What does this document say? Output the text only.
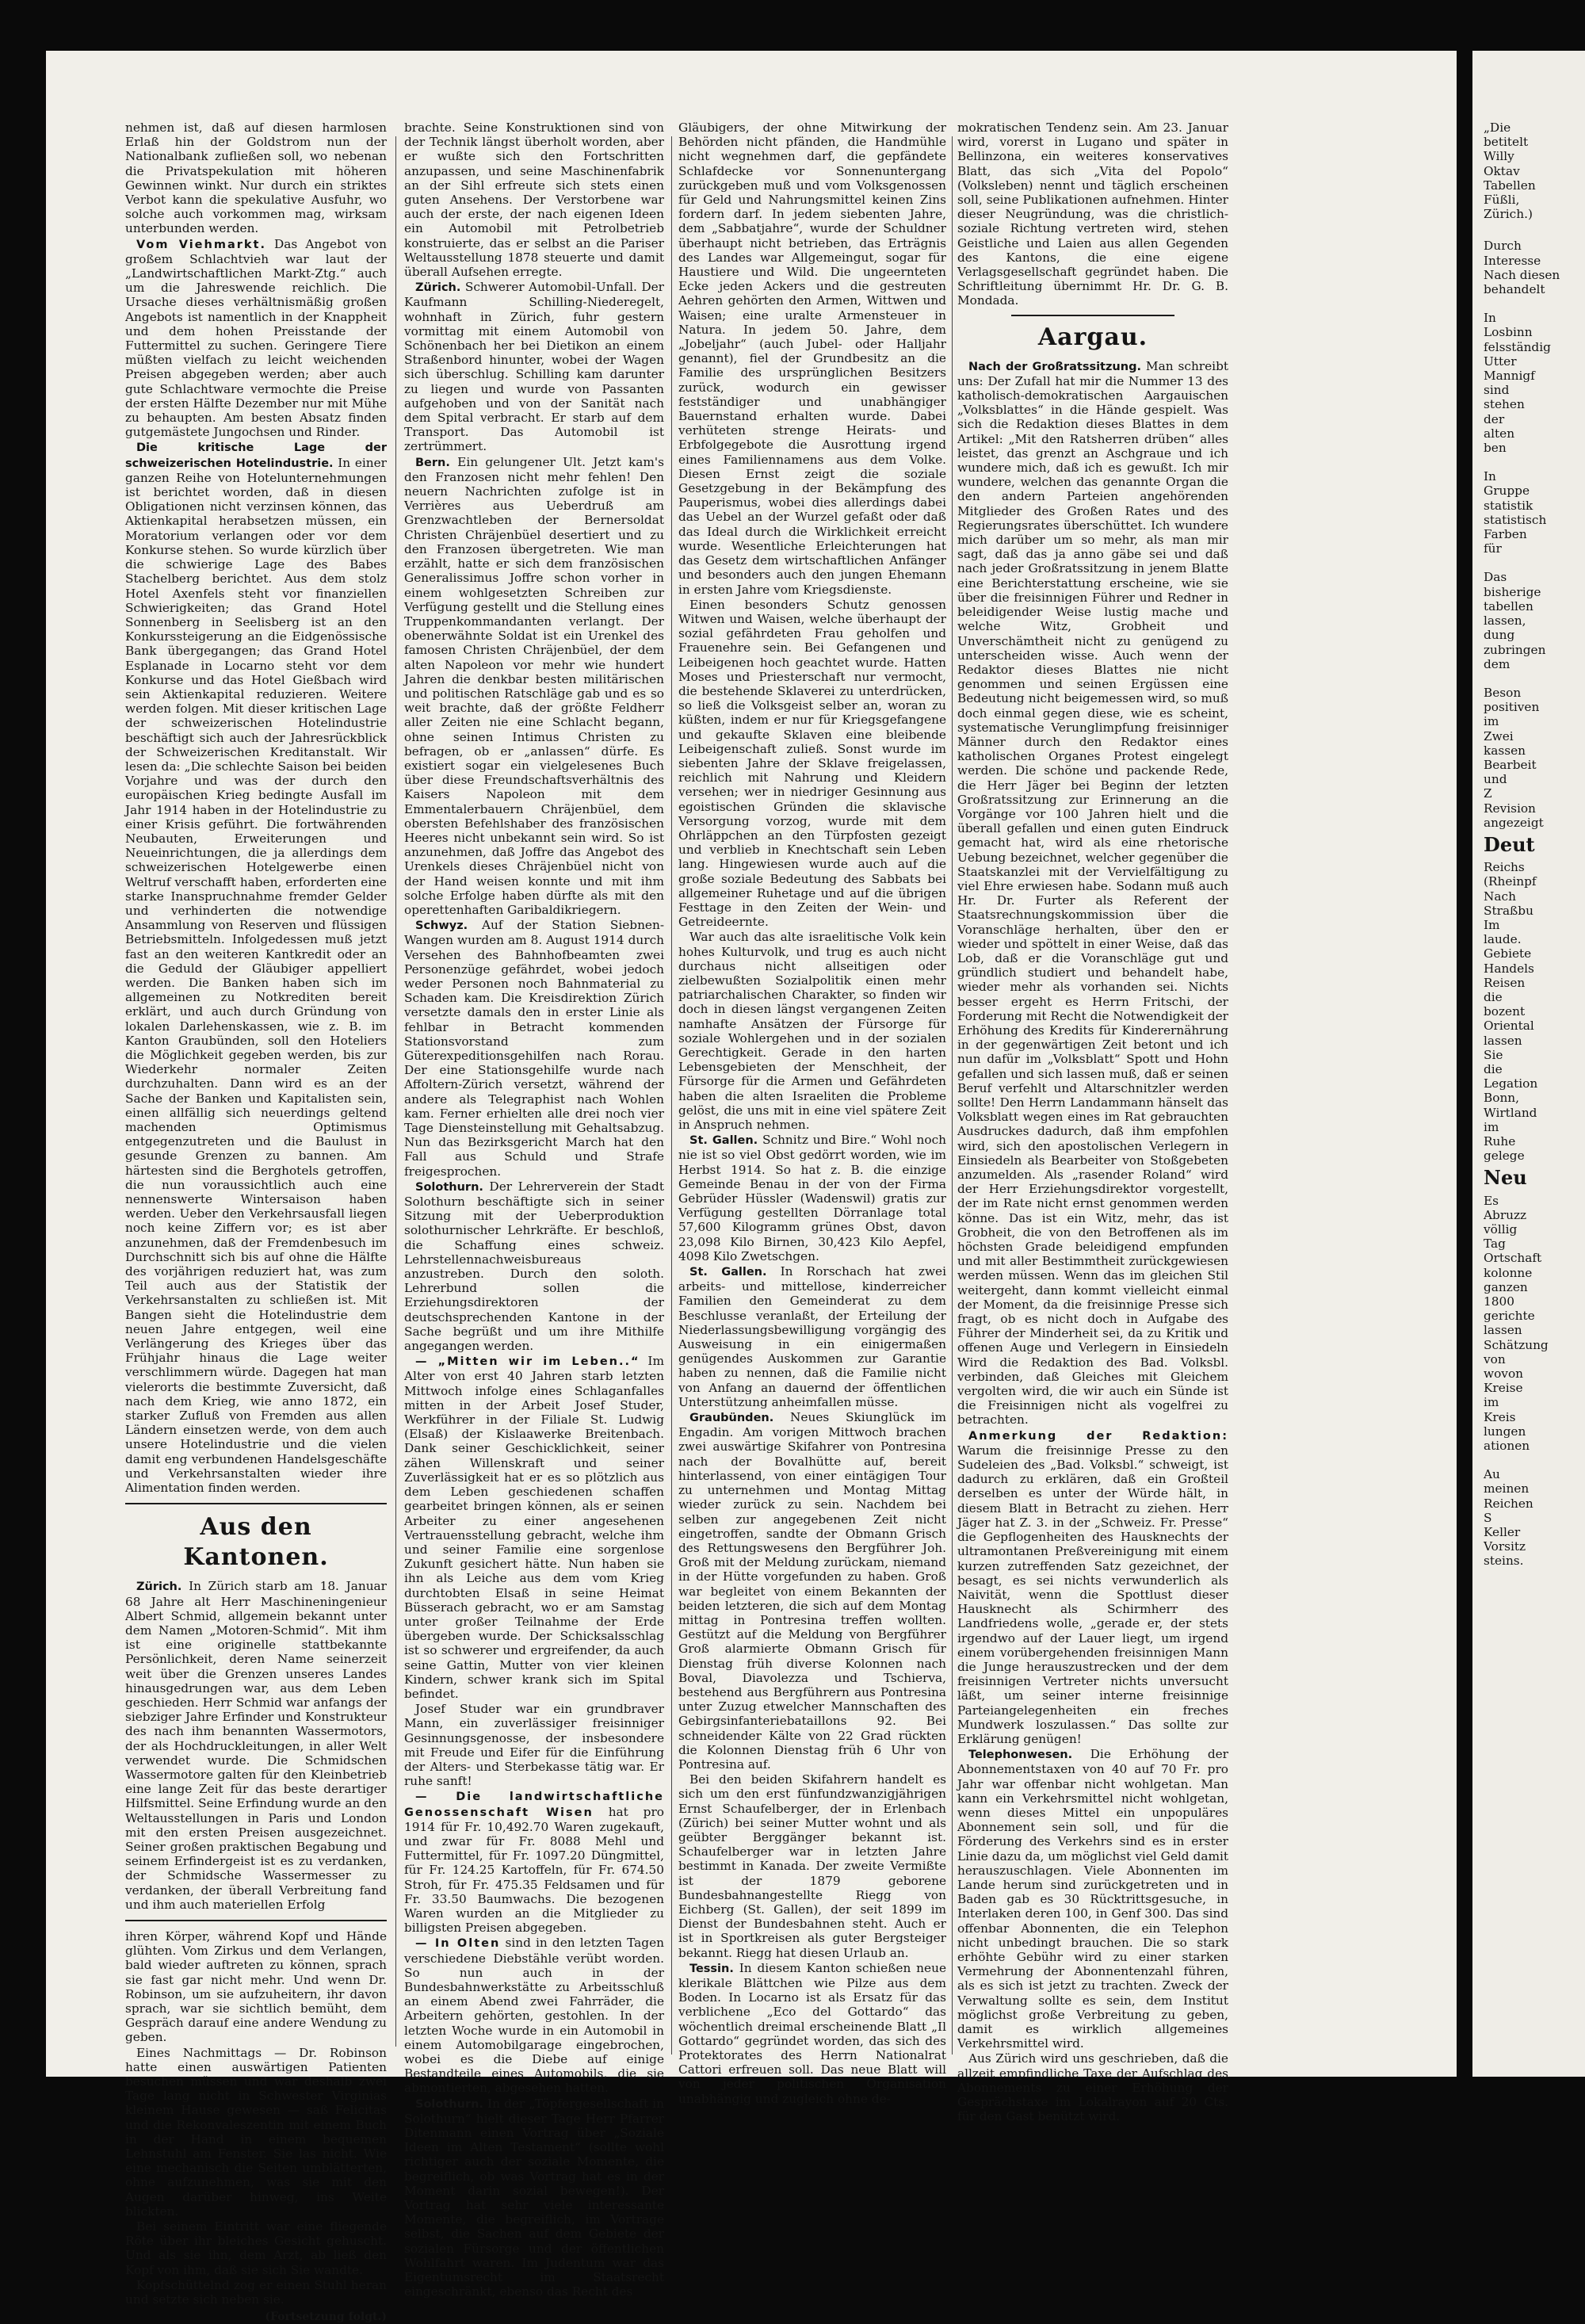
nehmen ist, daß auf diesen harmlosen Erlaß hin der Goldstrom nun der Nationalbank zufließen soll, wo nebenan die Privatspekulation mit höheren Gewinnen winkt. Nur durch ein striktes Verbot kann die spekulative Ausfuhr, wo solche auch vorkommen mag, wirksam unterbunden werden.

Vom Viehmarkt. Das Angebot von großem Schlachtvieh war laut der „Landwirtschaftlichen Markt-Ztg.“ auch um die Jahreswende reichlich. Die Ursache dieses verhältnismäßig großen Angebots ist namentlich in der Knappheit und dem hohen Preisstande der Futtermittel zu suchen. Geringere Tiere müßten vielfach zu leicht weichenden Preisen abgegeben werden; aber auch gute Schlachtware vermochte die Preise der ersten Hälfte Dezember nur mit Mühe zu behaupten. Am besten Absatz finden gutgemästete Jungochsen und Rinder.

Die kritische Lage der schweizerischen Hotelindustrie. In einer ganzen Reihe von Hotelunternehmungen ist berichtet worden, daß in diesen Obligationen nicht verzinsen können, das Aktienkapital herabsetzen müssen, ein Moratorium verlangen oder vor dem Konkurse stehen. So wurde kürzlich über die schwierige Lage des Babes Stachelberg berichtet. Aus dem stolz Hotel Axenfels steht vor finanziellen Schwierigkeiten; das Grand Hotel Sonnenberg in Seelisberg ist an den Konkurssteigerung an die Eidgenössische Bank übergegangen; das Grand Hotel Esplanade in Locarno steht vor dem Konkurse und das Hotel Gießbach wird sein Aktienkapital reduzieren. Weitere werden folgen. Mit dieser kritischen Lage der schweizerischen Hotelindustrie beschäftigt sich auch der Jahresrückblick der Schweizerischen Kreditanstalt. Wir lesen da: „Die schlechte Saison bei beiden Vorjahre und was der durch den europäischen Krieg bedingte Ausfall im Jahr 1914 haben in der Hotelindustrie zu einer Krisis geführt. Die fortwährenden Neubauten, Erweiterungen und Neueinrichtungen, die ja allerdings dem schweizerischen Hotelgewerbe einen Weltruf verschafft haben, erforderten eine starke Inanspruchnahme fremder Gelder und verhinderten die notwendige Ansammlung von Reserven und flüssigen Betriebsmitteln. Infolgedessen muß jetzt fast an den weiteren Kantkredit oder an die Geduld der Gläubiger appelliert werden. Die Banken haben sich im allgemeinen zu Notkrediten bereit erklärt, und auch durch Gründung von lokalen Darlehenskassen, wie z. B. im Kanton Graubünden, soll den Hoteliers die Möglichkeit gegeben werden, bis zur Wiederkehr normaler Zeiten durchzuhalten. Dann wird es an der Sache der Banken und Kapitalisten sein, einen allfällig sich neuerdings geltend machenden Optimismus entgegenzutreten und die Baulust in gesunde Grenzen zu bannen. Am härtesten sind die Berghotels getroffen, die nun voraussichtlich auch eine nennenswerte Wintersaison haben werden. Ueber den Verkehrsausfall liegen noch keine Ziffern vor; es ist aber anzunehmen, daß der Fremdenbesuch im Durchschnitt sich bis auf ohne die Hälfte des vorjährigen reduziert hat, was zum Teil auch aus der Statistik der Verkehrsanstalten zu schließen ist. Mit Bangen sieht die Hotelindustrie dem neuen Jahre entgegen, weil eine Verlängerung des Krieges über das Frühjahr hinaus die Lage weiter verschlimmern würde. Dagegen hat man vielerorts die bestimmte Zuversicht, daß nach dem Krieg, wie anno 1872, ein starker Zufluß von Fremden aus allen Ländern einsetzen werde, von dem auch unsere Hotelindustrie und die vielen damit eng verbundenen Handelsgeschäfte und Verkehrsanstalten wieder ihre Alimentation finden werden.

Aus den Kantonen.

Zürich. In Zürich starb am 18. Januar 68 Jahre alt Herr Maschineningenieur Albert Schmid, allgemein bekannt unter dem Namen „Motoren-Schmid“. Mit ihm ist eine originelle stattbekannte Persönlichkeit, deren Name seinerzeit weit über die Grenzen unseres Landes hinausgedrungen war, aus dem Leben geschieden. Herr Schmid war anfangs der siebziger Jahre Erfinder und Konstrukteur des nach ihm benannten Wassermotors, der als Hochdruckleitungen, in aller Welt verwendet wurde. Die Schmidschen Wassermotore galten für den Kleinbetrieb eine lange Zeit für das beste derartiger Hilfsmittel. Seine Erfindung wurde an den Weltausstellungen in Paris und London mit den ersten Preisen ausgezeichnet. Seiner großen praktischen Begabung und seinem Erfindergeist ist es zu verdanken, der Schmidsche Wassermesser zu verdanken, der überall Verbreitung fand und ihm auch materiellen Erfolg

ihren Körper, während Kopf und Hände glühten. Vom Zirkus und dem Verlangen, bald wieder auftreten zu können, sprach sie fast gar nicht mehr. Und wenn Dr. Robinson, um sie aufzuheitern, ihr davon sprach, war sie sichtlich bemüht, dem Gespräch darauf eine andere Wendung zu geben.

Eines Nachmittags — Dr. Robinson hatte einen auswärtigen Patienten besuchen müssen und war deshalb zwei Tage lang nicht in Schwester Virginias kleinem Hause gewesen — saß Felicitas und die Rekonvaleszentin mit einem Buch in der Hand in einem bequemen Lehnstuhl am Fenster. Sie las nicht. Wie eine mechanisch die Seiten umblätterten, ohne aufzunehmen, was sie mit den Augen darüber hinweg, ins Weite blickten.

Bei seinem Eintritt war eine fliegende Röte über ihr bleiches Gesicht gehuscht. Und als sie ihn, dem Arzt, ab ließ den Kopf von ihm, daß sie sich Sie wandte.

Kopfschüttelnd zog er einen Stuhl heran und setzte sich neben sie.

(Fortsetzung folgt.)

brachte. Seine Konstruktionen sind von der Technik längst überholt worden, aber er wußte sich den Fortschritten anzupassen, und seine Maschinenfabrik an der Sihl erfreute sich stets einen guten Ansehens. Der Verstorbene war auch der erste, der nach eigenen Ideen ein Automobil mit Petrolbetrieb konstruierte, das er selbst an die Pariser Weltausstellung 1878 steuerte und damit überall Aufsehen erregte.

Zürich. Schwerer Automobil-Unfall. Der Kaufmann Schilling-Niederegelt, wohnhaft in Zürich, fuhr gestern vormittag mit einem Automobil von Schönenbach her bei Dietikon an einem Straßenbord hinunter, wobei der Wagen sich überschlug. Schilling kam darunter zu liegen und wurde von Passanten aufgehoben und von der Sanität nach dem Spital verbracht. Er starb auf dem Transport. Das Automobil ist zertrümmert.

Bern. Ein gelungener Ult. Jetzt kam's den Franzosen nicht mehr fehlen! Den neuern Nachrichten zufolge ist in Verrières aus Ueberdruß am Grenzwachtleben der Bernersoldat Christen Chräjenbüel desertiert und zu den Franzosen übergetreten. Wie man erzählt, hatte er sich dem französischen Generalissimus Joffre schon vorher in einem wohlgesetzten Schreiben zur Verfügung gestellt und die Stellung eines Truppenkommandanten verlangt. Der obenerwähnte Soldat ist ein Urenkel des famosen Christen Chräjenbüel, der dem alten Napoleon vor mehr wie hundert Jahren die denkbar besten militärischen und politischen Ratschläge gab und es so weit brachte, daß der größte Feldherr aller Zeiten nie eine Schlacht begann, ohne seinen Intimus Christen zu befragen, ob er „anlassen“ dürfe. Es existiert sogar ein vielgelesenes Buch über diese Freundschaftsverhältnis des Kaisers Napoleon mit dem Emmentalerbauern Chräjenbüel, dem obersten Befehlshaber des französischen Heeres nicht unbekannt sein wird. So ist anzunehmen, daß Joffre das Angebot des Urenkels dieses Chräjenbüel nicht von der Hand weisen konnte und mit ihm solche Erfolge haben dürfte als mit den operettenhaften Garibaldikriegern.

Schwyz. Auf der Station Siebnen-Wangen wurden am 8. August 1914 durch Versehen des Bahnhofbeamten zwei Personenzüge gefährdet, wobei jedoch weder Personen noch Bahnmaterial zu Schaden kam. Die Kreisdirektion Zürich versetzte damals den in erster Linie als fehlbar in Betracht kommenden Stationsvorstand zum Güterexpeditionsgehilfen nach Rorau. Der eine Stationsgehilfe wurde nach Affoltern-Zürich versetzt, während der andere als Telegraphist nach Wohlen kam. Ferner erhielten alle drei noch vier Tage Diensteinstellung mit Gehaltsabzug. Nun das Bezirksgericht March hat den Fall aus Schuld und Strafe freigesprochen.

Solothurn. Der Lehrerverein der Stadt Solothurn beschäftigte sich in seiner Sitzung mit der Ueberproduktion solothurnischer Lehrkräfte. Er beschloß, die Schaffung eines schweiz. Lehrstellennachweisbureaus anzustreben. Durch den soloth. Lehrerbund sollen die Erziehungsdirektoren der deutschsprechenden Kantone in der Sache begrüßt und um ihre Mithilfe angegangen werden.

— „Mitten wir im Leben..“ Im Alter von erst 40 Jahren starb letzten Mittwoch infolge eines Schlaganfalles mitten in der Arbeit Josef Studer, Werkführer in der Filiale St. Ludwig (Elsaß) der Kislaawerke Breitenbach. Dank seiner Geschicklichkeit, seiner zähen Willenskraft und seiner Zuverlässigkeit hat er es so plötzlich aus dem Leben geschiedenen schaffen gearbeitet bringen können, als er seinen Arbeiter zu einer angesehenen Vertrauensstellung gebracht, welche ihm und seiner Familie eine sorgenlose Zukunft gesichert hätte. Nun haben sie ihn als Leiche aus dem vom Krieg durchtobten Elsaß in seine Heimat Büsserach gebracht, wo er am Samstag unter großer Teilnahme der Erde übergeben wurde. Der Schicksalsschlag ist so schwerer und ergreifender, da auch seine Gattin, Mutter von vier kleinen Kindern, schwer krank sich im Spital befindet.

Josef Studer war ein grundbraver Mann, ein zuverlässiger freisinniger Gesinnungsgenosse, der insbesondere mit Freude und Eifer für die Einführung der Alters- und Sterbekasse tätig war. Er ruhe sanft!

— Die landwirtschaftliche Genossenschaft Wisen hat pro 1914 für Fr. 10,492.70 Waren zugekauft, und zwar für Fr. 8088 Mehl und Futtermittel, für Fr. 1097.20 Düngmittel, für Fr. 124.25 Kartoffeln, für Fr. 674.50 Stroh, für Fr. 475.35 Feldsamen und für Fr. 33.50 Baumwachs. Die bezogenen Waren wurden an die Mitglieder zu billigsten Preisen abgegeben.

— In Olten sind in den letzten Tagen verschiedene Diebstähle verübt worden. So nun auch in der Bundesbahnwerkstätte zu Arbeitsschluß an einem Abend zwei Fahrräder, die Arbeitern gehörten, gestohlen. In der letzten Woche wurde in ein Automobil in einem Automobilgarage eingebrochen, wobei es die Diebe auf einige Bestandteile eines Automobils, die sie abmontierten, abgesehen hatten.

Solothurn. In der „Töpfergesellschaft in Solothurn“ hielt dieser Tage Herr Pfarrer Ditenmann einen Vortrag über „Soziale Ideen im Alten Testament“ (sollte wohl richtiger auch der soziale Momente, die begreiflich, ob was Vortrag hat es in der Moment darin sozial bewegen!). Der Vortrag hat sehr viele interessante Momente, die begreiflich, im Vortrage selbst, die Sachen auf dem Gebiete der sozialen Fürsorge und der öffentlichen Wohlfahrt waren. Im Judentum war das Eigentumsrecht im Staatsrecht eingeschränkt, ebenso das Recht des

Gläubigers, der ohne Mitwirkung der Behörden nicht pfänden, die Handmühle nicht wegnehmen darf, die gepfändete Schlafdecke vor Sonnenuntergang zurückgeben muß und vom Volksgenossen für Geld und Nahrungsmittel keinen Zins fordern darf. In jedem siebenten Jahre, dem „Sabbatjahre“, wurde der Schuldner überhaupt nicht betrieben, das Erträgnis des Landes war Allgemeingut, sogar für Haustiere und Wild. Die ungeernteten Ecke jeden Ackers und die gestreuten Aehren gehörten den Armen, Wittwen und Waisen; eine uralte Armensteuer in Natura. In jedem 50. Jahre, dem „Jobeljahr“ (auch Jubel- oder Halljahr genannt), fiel der Grundbesitz an die Familie des ursprünglichen Besitzers zurück, wodurch ein gewisser festständiger und unabhängiger Bauernstand erhalten wurde. Dabei verhüteten strenge Heirats- und Erbfolgegebote die Ausrottung irgend eines Familiennamens aus dem Volke. Diesen Ernst zeigt die soziale Gesetzgebung in der Bekämpfung des Pauperismus, wobei dies allerdings dabei das Uebel an der Wurzel gefaßt oder daß das Ideal durch die Wirklichkeit erreicht wurde. Wesentliche Erleichterungen hat das Gesetz dem wirtschaftlichen Anfänger und besonders auch den jungen Ehemann in ersten Jahre vom Kriegsdienste.

Einen besonders Schutz genossen Witwen und Waisen, welche überhaupt der sozial gefährdeten Frau geholfen und Frauenehre sein. Bei Gefangenen und Leibeigenen hoch geachtet wurde. Hatten Moses und Priesterschaft nur vermocht, die bestehende Sklaverei zu unterdrücken, so ließ die Volksgeist selber an, woran zu küßten, indem er nur für Kriegsgefangene und gekaufte Sklaven eine bleibende Leibeigenschaft zuließ. Sonst wurde im siebenten Jahre der Sklave freigelassen, reichlich mit Nahrung und Kleidern versehen; wer in niedriger Gesinnung aus egoistischen Gründen die sklavische Versorgung vorzog, wurde mit dem Ohrläppchen an den Türpfosten gezeigt und verblieb in Knechtschaft sein Leben lang. Hingewiesen wurde auch auf die große soziale Bedeutung des Sabbats bei allgemeiner Ruhetage und auf die übrigen Festtage in den Zeiten der Wein- und Getreideernte.

War auch das alte israelitische Volk kein hohes Kulturvolk, und trug es auch nicht durchaus nicht allseitigen oder zielbewußten Sozialpolitik einen mehr patriarchalischen Charakter, so finden wir doch in diesen längst vergangenen Zeiten namhafte Ansätzen der Fürsorge für soziale Wohlergehen und in der sozialen Gerechtigkeit. Gerade in den harten Lebensgebieten der Menschheit, der Fürsorge für die Armen und Gefährdeten haben die alten Israeliten die Probleme gelöst, die uns mit in eine viel spätere Zeit in Anspruch nehmen.

St. Gallen. Schnitz und Bire.“ Wohl noch nie ist so viel Obst gedörrt worden, wie im Herbst 1914. So hat z. B. die einzige Gemeinde Benau in der von der Firma Gebrüder Hüssler (Wadenswil) gratis zur Verfügung gestellten Dörranlage total 57,600 Kilogramm grünes Obst, davon 23,098 Kilo Birnen, 30,423 Kilo Aepfel, 4098 Kilo Zwetschgen.

St. Gallen. In Rorschach hat zwei arbeits- und mittellose, kinderreicher Familien den Gemeinderat zu dem Beschlusse veranlaßt, der Erteilung der Niederlassungsbewilligung vorgängig des Ausweisung in ein einigermaßen genügendes Auskommen zur Garantie haben zu nennen, daß die Familie nicht von Anfang an dauernd der öffentlichen Unterstützung anheimfallen müsse.

Graubünden. Neues Skiunglück im Engadin. Am vorigen Mittwoch brachen zwei auswärtige Skifahrer von Pontresina nach der Bovalhütte auf, bereit hinterlassend, von einer eintägigen Tour zu unternehmen und Montag Mittag wieder zurück zu sein. Nachdem bei selben zur angegebenen Zeit nicht eingetroffen, sandte der Obmann Grisch des Rettungswesens den Bergführer Joh. Groß mit der Meldung zurückam, niemand in der Hütte vorgefunden zu haben. Groß war begleitet von einem Bekannten der beiden letzteren, die sich auf dem Montag mittag in Pontresina treffen wollten. Gestützt auf die Meldung von Bergführer Groß alarmierte Obmann Grisch für Dienstag früh diverse Kolonnen nach Boval, Diavolezza und Tschierva, bestehend aus Bergführern aus Pontresina unter Zuzug etwelcher Mannschaften des Gebirgsinfanteriebataillons 92. Bei schneidender Kälte von 22 Grad rückten die Kolonnen Dienstag früh 6 Uhr von Pontresina auf.

Bei den beiden Skifahrern handelt es sich um den erst fünfundzwanzigjährigen Ernst Schaufelberger, der in Erlenbach (Zürich) bei seiner Mutter wohnt und als geübter Berggänger bekannt ist. Schaufelberger war in letzten Jahre bestimmt in Kanada. Der zweite Vermißte ist der 1879 geborene Bundesbahnangestellte Riegg von Eichberg (St. Gallen), der seit 1899 im Dienst der Bundesbahnen steht. Auch er ist in Sportkreisen als guter Bergsteiger bekannt. Riegg hat diesen Urlaub an.

Tessin. In diesem Kanton schießen neue klerikale Blättchen wie Pilze aus dem Boden. In Locarno ist als Ersatz für das verblichene „Eco del Gottardo“ das wöchentlich dreimal erscheinende Blatt „Il Gottardo“ gegründet worden, das sich des Protektorates des Herrn Nationalrat Cattori erfreuen soll. Das neue Blatt will von jeder politischen Organisation unabhängig und zugleich ohne de-

mokratischen Tendenz sein. Am 23. Januar wird, vorerst in Lugano und später in Bellinzona, ein weiteres konservatives Blatt, das sich „Vita del Popolo“ (Volksleben) nennt und täglich erscheinen soll, seine Publikationen aufnehmen. Hinter dieser Neugründung, was die christlich-soziale Richtung vertreten wird, stehen Geistliche und Laien aus allen Gegenden des Kantons, die eine eigene Verlagsgesellschaft gegründet haben. Die Schriftleitung übernimmt Hr. Dr. G. B. Mondada.

Aargau.

Nach der Großratssitzung. Man schreibt uns: Der Zufall hat mir die Nummer 13 des katholisch-demokratischen Aargauischen „Volksblattes“ in die Hände gespielt. Was sich die Redaktion dieses Blattes in dem Artikel: „Mit den Ratsherren drüben“ alles leistet, das grenzt an Aschgraue und ich wundere mich, daß ich es gewußt. Ich mir wundere, welchen das genannte Organ die den andern Parteien angehörenden Mitglieder des Großen Rates und des Regierungsrates überschüttet. Ich wundere mich darüber um so mehr, als man mir sagt, daß das ja anno gäbe sei und daß nach jeder Großratssitzung in jenem Blatte eine Berichterstattung erscheine, wie sie über die freisinnigen Führer und Redner in beleidigender Weise lustig mache und welche Witz, Grobheit und Unverschämtheit nicht zu genügend zu unterscheiden wisse. Auch wenn der Redaktor dieses Blattes nie nicht genommen und seinen Ergüssen eine Bedeutung nicht beigemessen wird, so muß doch einmal gegen diese, wie es scheint, systematische Verunglimpfung freisinniger Männer durch den Redaktor eines katholischen Organes Protest eingelegt werden. Die schöne und packende Rede, die Herr Jäger bei Beginn der letzten Großratssitzung zur Erinnerung an die Vorgänge vor 100 Jahren hielt und die überall gefallen und einen guten Eindruck gemacht hat, wird als eine rhetorische Uebung bezeichnet, welcher gegenüber die Staatskanzlei mit der Vervielfältigung zu viel Ehre erwiesen habe. Sodann muß auch Hr. Dr. Furter als Referent der Staatsrechnungskommission über die Voranschläge herhalten, über den er wieder und spöttelt in einer Weise, daß das Lob, daß er die Voranschläge gut und gründlich studiert und behandelt habe, wieder mehr als vorhanden sei. Nichts besser ergeht es Herrn Fritschi, der Forderung mit Recht die Notwendigkeit der Erhöhung des Kredits für Kinderernährung in der gegenwärtigen Zeit betont und ich nun dafür im „Volksblatt“ Spott und Hohn gefallen und sich lassen muß, daß er seinen Beruf verfehlt und Altarschnitzler werden sollte! Den Herrn Landammann hänselt das Volksblatt wegen eines im Rat gebrauchten Ausdruckes dadurch, daß ihm empfohlen wird, sich den apostolischen Verlegern in Einsiedeln als Bearbeiter von Stoßgebeten anzumelden. Als „rasender Roland“ wird der Herr Erziehungsdirektor vorgestellt, der im Rate nicht ernst genommen werden könne. Das ist ein Witz, mehr, das ist Grobheit, die von den Betroffenen als im höchsten Grade beleidigend empfunden und mit aller Bestimmtheit zurückgewiesen werden müssen. Wenn das im gleichen Stil weitergeht, dann kommt vielleicht einmal der Moment, da die freisinnige Presse sich fragt, ob es nicht doch in Aufgabe des Führer der Minderheit sei, da zu Kritik und offenen Auge und Verlegern in Einsiedeln Wird die Redaktion des Bad. Volksbl. verbinden, daß Gleiches mit Gleichem vergolten wird, die wir auch ein Sünde ist die Freisinnigen nicht als vogelfrei zu betrachten.

Anmerkung der Redaktion: Warum die freisinnige Presse zu den Sudeleien des „Bad. Volksbl.“ schweigt, ist dadurch zu erklären, daß ein Großteil derselben es unter der Würde hält, in diesem Blatt in Betracht zu ziehen. Herr Jäger hat Z. 3. in der „Schweiz. Fr. Presse“ die Gepflogenheiten des Hausknechts der ultramontanen Preßvereinigung mit einem kurzen zutreffenden Satz gezeichnet, der besagt, es sei nichts verwunderlich als Naivität, wenn die Spottlust dieser Hausknecht als Schirmherr des Landfriedens wolle, „gerade er, der stets irgendwo auf der Lauer liegt, um irgend einem vorübergehenden freisinnigen Mann die Junge herauszustrecken und der dem freisinnigen Vertreter nichts unversucht läßt, um seiner interne freisinnige Parteiangelegenheiten ein freches Mundwerk loszulassen.“ Das sollte zur Erklärung genügen!

Telephonwesen. Die Erhöhung der Abonnementstaxen von 40 auf 70 Fr. pro Jahr war offenbar nicht wohlgetan. Man kann ein Verkehrsmittel nicht wohlgetan, wenn dieses Mittel ein unpopuläres Abonnement sein soll, und für die Förderung des Verkehrs sind es in erster Linie dazu da, um möglichst viel Geld damit herauszuschlagen. Viele Abonnenten im Lande herum sind zurückgetreten und in Baden gab es 30 Rücktrittsgesuche, in Interlaken deren 100, in Genf 300. Das sind offenbar Abonnenten, die ein Telephon nicht unbedingt brauchen. Die so stark erhöhte Gebühr wird zu einer starken Vermehrung der Abonnentenzahl führen, als es sich ist jetzt zu trachten. Zweck der Verwaltung sollte es sein, dem Institut möglichst große Verbreitung zu geben, damit es wirklich allgemeines Verkehrsmittel wird.

Aus Zürich wird uns geschrieben, daß die allzeit empfindliche Taxe der Aufschlag des Abonnements zu einer Erhöhung der Gesprächstaxe im Lokalrayon auf 20 Cts. für den Gast benützt wird.

„Die
betitelt
Willy
Oktav
Tabellen
Füßli,
Zürich.)
Durch
Interesse
Nach diesen
behandelt
In
Losbinn
felsständig
Utter
Mannigf
sind
stehen
der
alten
ben
In
Gruppe
statistik
statistisch
Farben
für
Das
bisherige
tabellen
lassen,
dung
zubringen
dem
Beson
positiven
im
Zwei
kassen
Bearbeit
und
Z
Revision
angezeigt
Deut
Reichs
(Rheinpf
Nach
Straßbu
Im
laude.
Gebiete
Handels
Reisen
die
bozent
Oriental
lassen
Sie
die
Legation
Bonn,
Wirtland
im
Ruhe
gelege
Neu
Es
Abruzz
völlig
Tag
Ortschaft
kolonne
ganzen
1800
gerichte
lassen
Schätzung
von
wovon
Kreise
im
Kreis
lungen
ationen
Au
meinen
Reichen
S
Keller
Vorsitz
steins.
